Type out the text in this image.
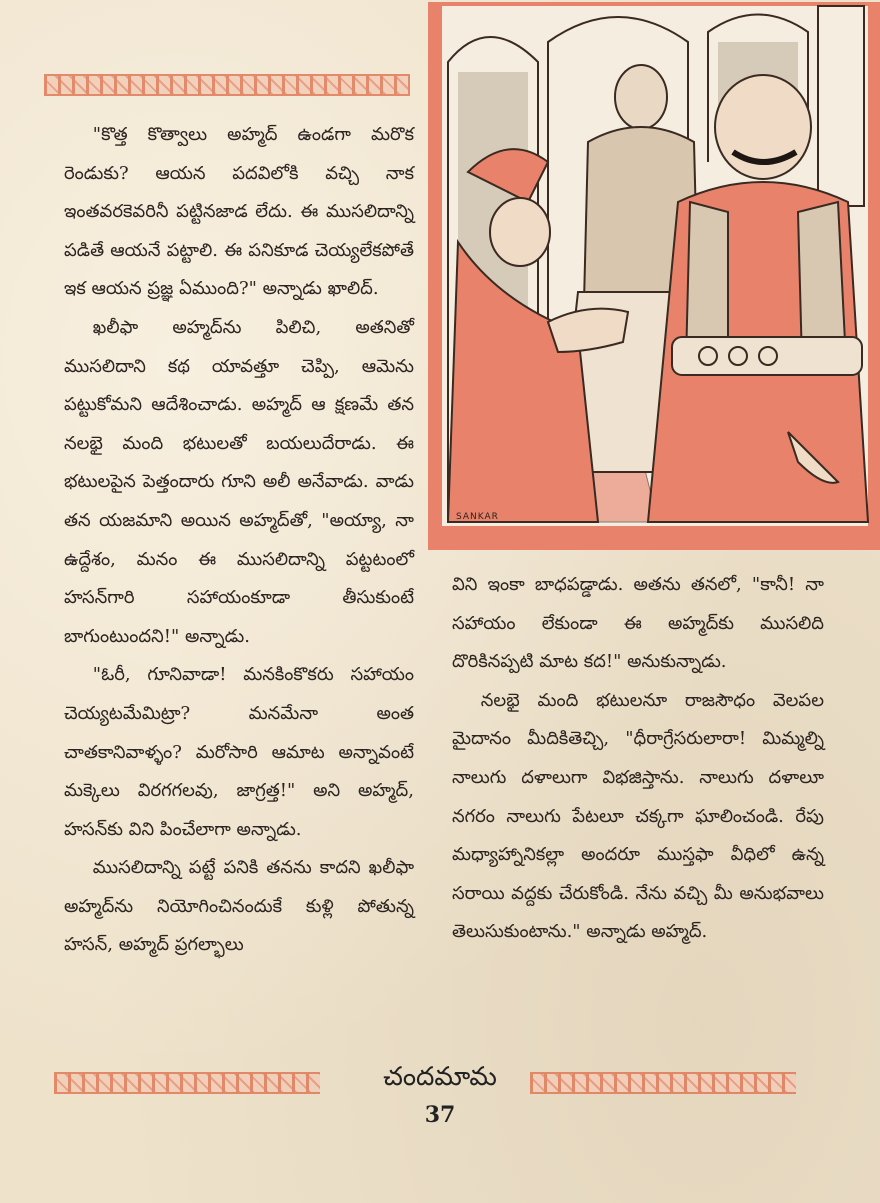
"కొత్త కొత్వాలు అహ్మద్ ఉండగా మరొక రెండుకు? ఆయన పదవిలోకి వచ్చి నాక ఇంతవరకెవరినీ పట్టినజాడ లేదు. ఈ ముసలిదాన్ని పడితే ఆయనే పట్టాలి. ఈ పనికూడ చెయ్యలేకపోతే ఇక ఆయన ప్రజ్ఞ ఏముంది?" అన్నాడు ఖాలిద్.

ఖలీఫా అహ్మద్‌ను పిలిచి, అతనితో ముసలిదాని కథ యావత్తూ చెప్పి, ఆమెను పట్టుకోమని ఆదేశించాడు. అహ్మద్ ఆ క్షణమే తన నలభై మంది భటులతో బయలుదేరాడు. ఈ భటులపైన పెత్తందారు గూని అలీ అనేవాడు. వాడు తన యజమాని అయిన అహ్మద్‌తో, "అయ్యా, నా ఉద్దేశం, మనం ఈ ముసలిదాన్ని పట్టటంలో హసన్‌గారి సహాయంకూడా తీసుకుంటే బాగుంటుందని!" అన్నాడు.

"ఓరీ, గూనివాడా! మనకింకొకరు సహాయం చెయ్యటమేమిట్రా? మనమేనా అంత చాతకానివాళ్ళం? మరోసారి ఆమాట అన్నావంటే మక్కెలు విరగగలవు, జాగ్రత్త!" అని అహ్మద్, హసన్‌కు విని పించేలాగా అన్నాడు.

ముసలిదాన్ని పట్టే పనికి తనను కాదని ఖలీఫా అహ్మద్‌ను నియోగించినందుకే కుళ్లి పోతున్న హసన్, అహ్మద్ ప్రగల్భాలు

SANKAR

విని ఇంకా బాధపడ్డాడు. అతను తనలో, "కానీ! నా సహాయం లేకుండా ఈ అహ్మద్‌కు ముసలిది దొరికినప్పటి మాట కద!" అనుకున్నాడు.

నలభై మంది భటులనూ రాజసౌధం వెలపల మైదానం మీదికితెచ్చి, "ధీరాగ్రేసరులారా! మిమ్మల్ని నాలుగు దళాలుగా విభజిస్తాను. నాలుగు దళాలూ నగరం నాలుగు పేటలూ చక్కగా ఘాలించండి. రేపు మధ్యాహ్నానికల్లా అందరూ ముస్తఫా వీధిలో ఉన్న సరాయి వద్దకు చేరుకోండి. నేను వచ్చి మీ అనుభవాలు తెలుసుకుంటాను." అన్నాడు అహ్మద్.

చందమామ
37
